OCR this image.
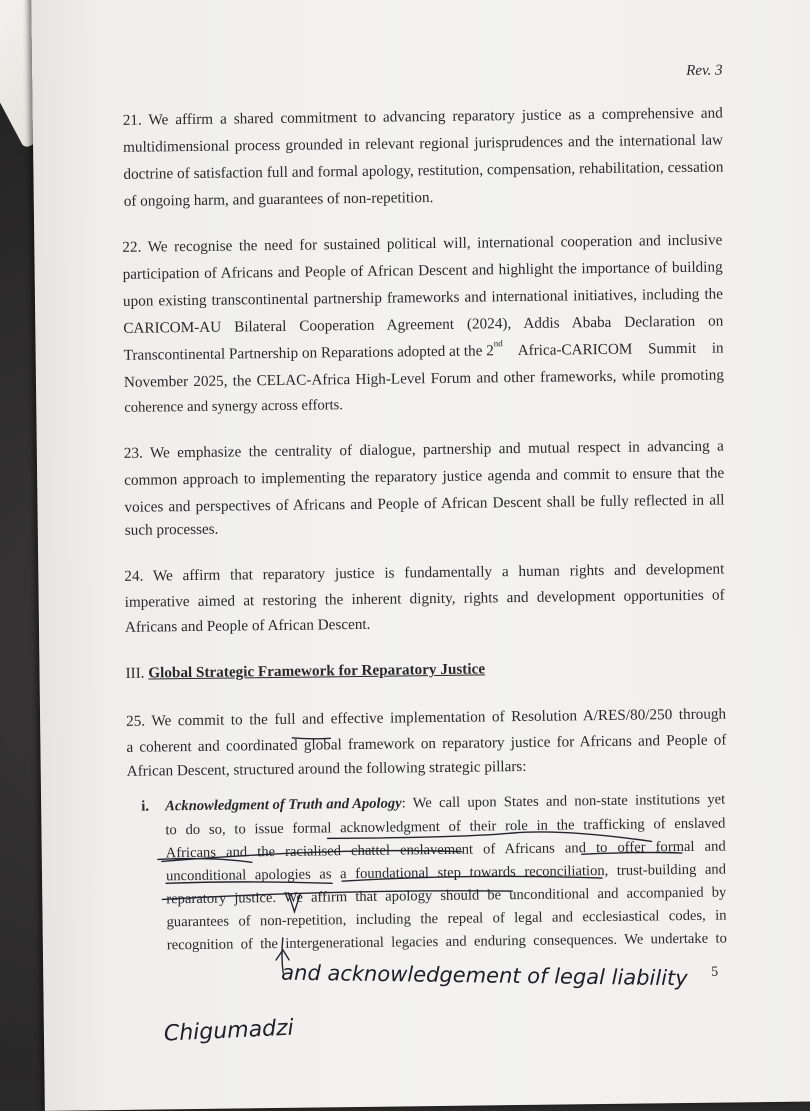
Rev. 3
21. We affirm a shared commitment to advancing reparatory justice as a comprehensive and
multidimensional process grounded in relevant regional jurisprudences and the international law
doctrine of satisfaction full and formal apology, restitution, compensation, rehabilitation, cessation
of ongoing harm, and guarantees of non-repetition.
22. We recognise the need for sustained political will, international cooperation and inclusive
participation of Africans and People of African Descent and highlight the importance of building
upon existing transcontinental partnership frameworks and international initiatives, including the
CARICOM-AU Bilateral Cooperation Agreement (2024), Addis Ababa Declaration on
Transcontinental Partnership on Reparations adopted at the 2 nd Africa-CARICOM Summit in
November 2025, the CELAC-Africa High-Level Forum and other frameworks, while promoting
coherence and synergy across efforts.
23. We emphasize the centrality of dialogue, partnership and mutual respect in advancing a
common approach to implementing the reparatory justice agenda and commit to ensure that the
voices and perspectives of Africans and People of African Descent shall be fully reflected in all
such processes.
24. We affirm that reparatory justice is fundamentally a human rights and development
imperative aimed at restoring the inherent dignity, rights and development opportunities of
Africans and People of African Descent.
III. Global Strategic Framework for Reparatory Justice
25. We commit to the full and effective implementation of Resolution A/RES/80/250 through
a coherent and coordinated global framework on reparatory justice for Africans and People of
African Descent, structured around the following strategic pillars:
i. Acknowledgment of Truth and Apology : We call upon States and non-state institutions yet
to do so, to issue formal acknowledgment of their role in the trafficking of enslaved
Africans and the racialised chattel enslavement of Africans and to offer formal and
unconditional apologies as a foundational step towards reconciliation, trust-building and
reparatory justice. We affirm that apology should be unconditional and accompanied by
guarantees of non-repetition, including the repeal of legal and ecclesiastical codes, in
recognition of the intergenerational legacies and enduring consequences. We undertake to
5
and acknowledgement of legal liability
Chigumadzi
